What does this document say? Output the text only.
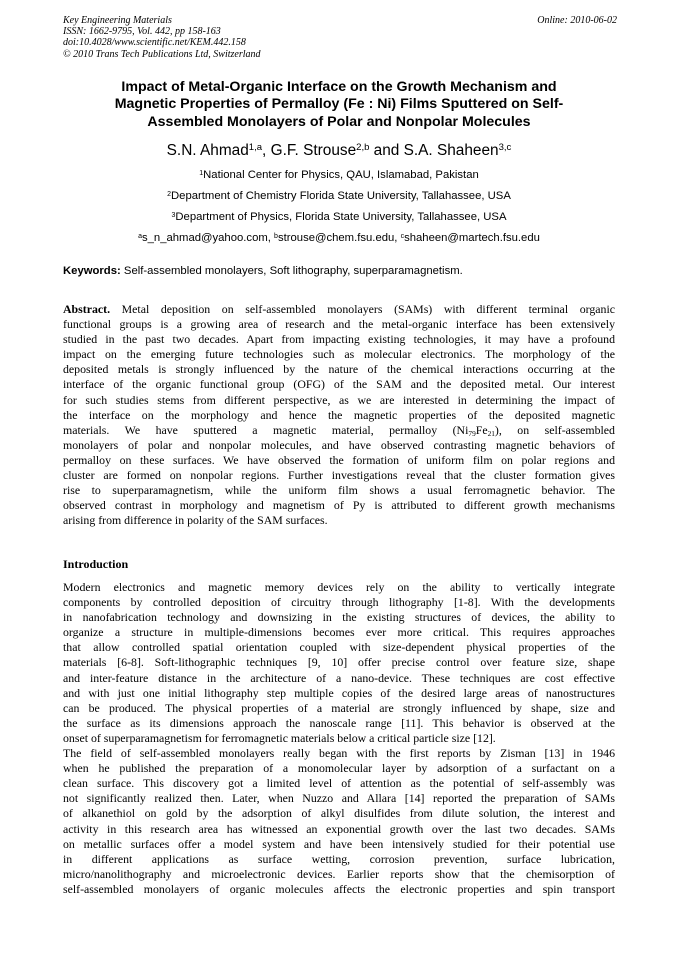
Key Engineering Materials
ISSN: 1662-9795, Vol. 442, pp 158-163
doi:10.4028/www.scientific.net/KEM.442.158
© 2010 Trans Tech Publications Ltd, Switzerland
Online: 2010-06-02
Impact of Metal-Organic Interface on the Growth Mechanism and
Magnetic Properties of Permalloy (Fe : Ni) Films Sputtered on Self-
Assembled Monolayers of Polar and Nonpolar Molecules
S.N. Ahmad$^{1,a}$, G.F. Strouse$^{2,b}$ and S.A. Shaheen$^{3,c}$
$^1$National Center for Physics, QAU, Islamabad, Pakistan
$^2$Department of Chemistry Florida State University, Tallahassee, USA
$^3$Department of Physics, Florida State University, Tallahassee, USA
$^a$s_n_ahmad@yahoo.com, $^b$strouse@chem.fsu.edu, $^c$shaheen@martech.fsu.edu
Keywords: Self-assembled monolayers, Soft lithography, superparamagnetism.
Abstract. Metal deposition on self-assembled monolayers (SAMs) with different terminal organic
functional groups is a growing area of research and the metal-organic interface has been extensively
studied in the past two decades. Apart from impacting existing technologies, it may have a profound
impact on the emerging future technologies such as molecular electronics. The morphology of the
deposited metals is strongly influenced by the nature of the chemical interactions occurring at the
interface of the organic functional group (OFG) of the SAM and the deposited metal. Our interest
for such studies stems from different perspective, as we are interested in determining the impact of
the interface on the morphology and hence the magnetic properties of the deposited magnetic
materials. We have sputtered a magnetic material, permalloy $(Ni_{79}Fe_{21})$, on self-assembled
monolayers of polar and nonpolar molecules, and have observed contrasting magnetic behaviors of
permalloy on these surfaces. We have observed the formation of uniform film on polar regions and
cluster are formed on nonpolar regions. Further investigations reveal that the cluster formation gives
rise to superparamagnetism, while the uniform film shows a usual ferromagnetic behavior. The
observed contrast in morphology and magnetism of Py is attributed to different growth mechanisms
arising from difference in polarity of the SAM surfaces.
Introduction
Modern electronics and magnetic memory devices rely on the ability to vertically integrate
components by controlled deposition of circuitry through lithography [1-8]. With the developments
in nanofabrication technology and downsizing in the existing structures of devices, the ability to
organize a structure in multiple-dimensions becomes ever more critical. This requires approaches
that allow controlled spatial orientation coupled with size-dependent physical properties of the
materials [6-8]. Soft-lithographic techniques [9, 10] offer precise control over feature size, shape
and inter-feature distance in the architecture of a nano-device. These techniques are cost effective
and with just one initial lithography step multiple copies of the desired large areas of nanostructures
can be produced. The physical properties of a material are strongly influenced by shape, size and
the surface as its dimensions approach the nanoscale range [11]. This behavior is observed at the
onset of superparamagnetism for ferromagnetic materials below a critical particle size [12].
The field of self-assembled monolayers really began with the first reports by Zisman [13] in 1946
when he published the preparation of a monomolecular layer by adsorption of a surfactant on a
clean surface. This discovery got a limited level of attention as the potential of self-assembly was
not significantly realized then. Later, when Nuzzo and Allara [14] reported the preparation of SAMs
of alkanethiol on gold by the adsorption of alkyl disulfides from dilute solution, the interest and
activity in this research area has witnessed an exponential growth over the last two decades. SAMs
on metallic surfaces offer a model system and have been intensively studied for their potential use
in different applications as surface wetting, corrosion prevention, surface lubrication,
micro/nanolithography and microelectronic devices. Earlier reports show that the chemisorption of
self-assembled monolayers of organic molecules affects the electronic properties and spin transport
